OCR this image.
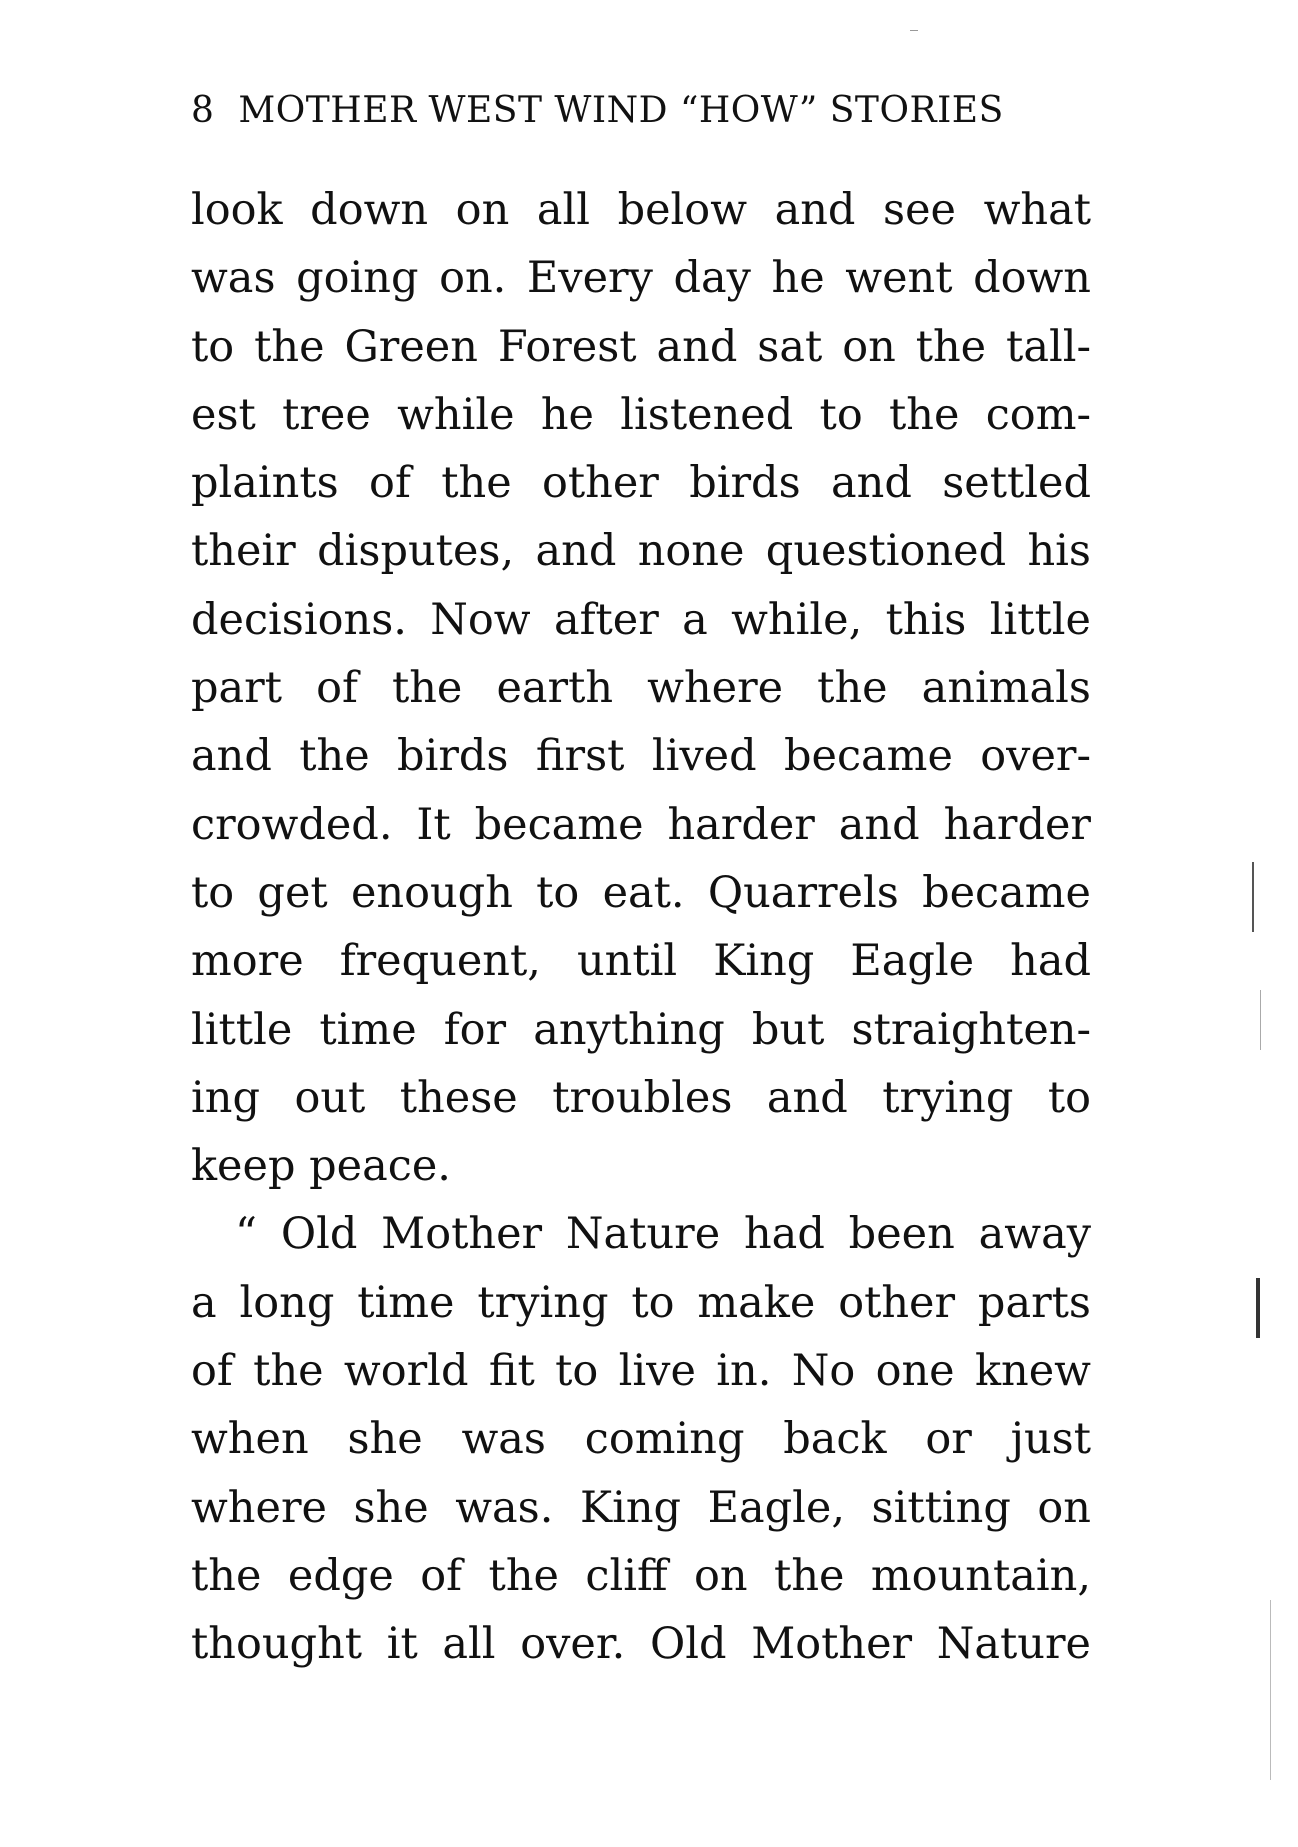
8 MOTHER WEST WIND “HOW” STORIES
look down on all below and see what
was going on. Every day he went down
to the Green Forest and sat on the tall-
est tree while he listened to the com-
plaints of the other birds and settled
their disputes, and none questioned his
decisions. Now after a while, this little
part of the earth where the animals
and the birds first lived became over-
crowded. It became harder and harder
to get enough to eat. Quarrels became
more frequent, until King Eagle had
little time for anything but straighten-
ing out these troubles and trying to
keep peace.
“ Old Mother Nature had been away
a long time trying to make other parts
of the world fit to live in. No one knew
when she was coming back or just
where she was. King Eagle, sitting on
the edge of the cliff on the mountain,
thought it all over. Old Mother Nature
